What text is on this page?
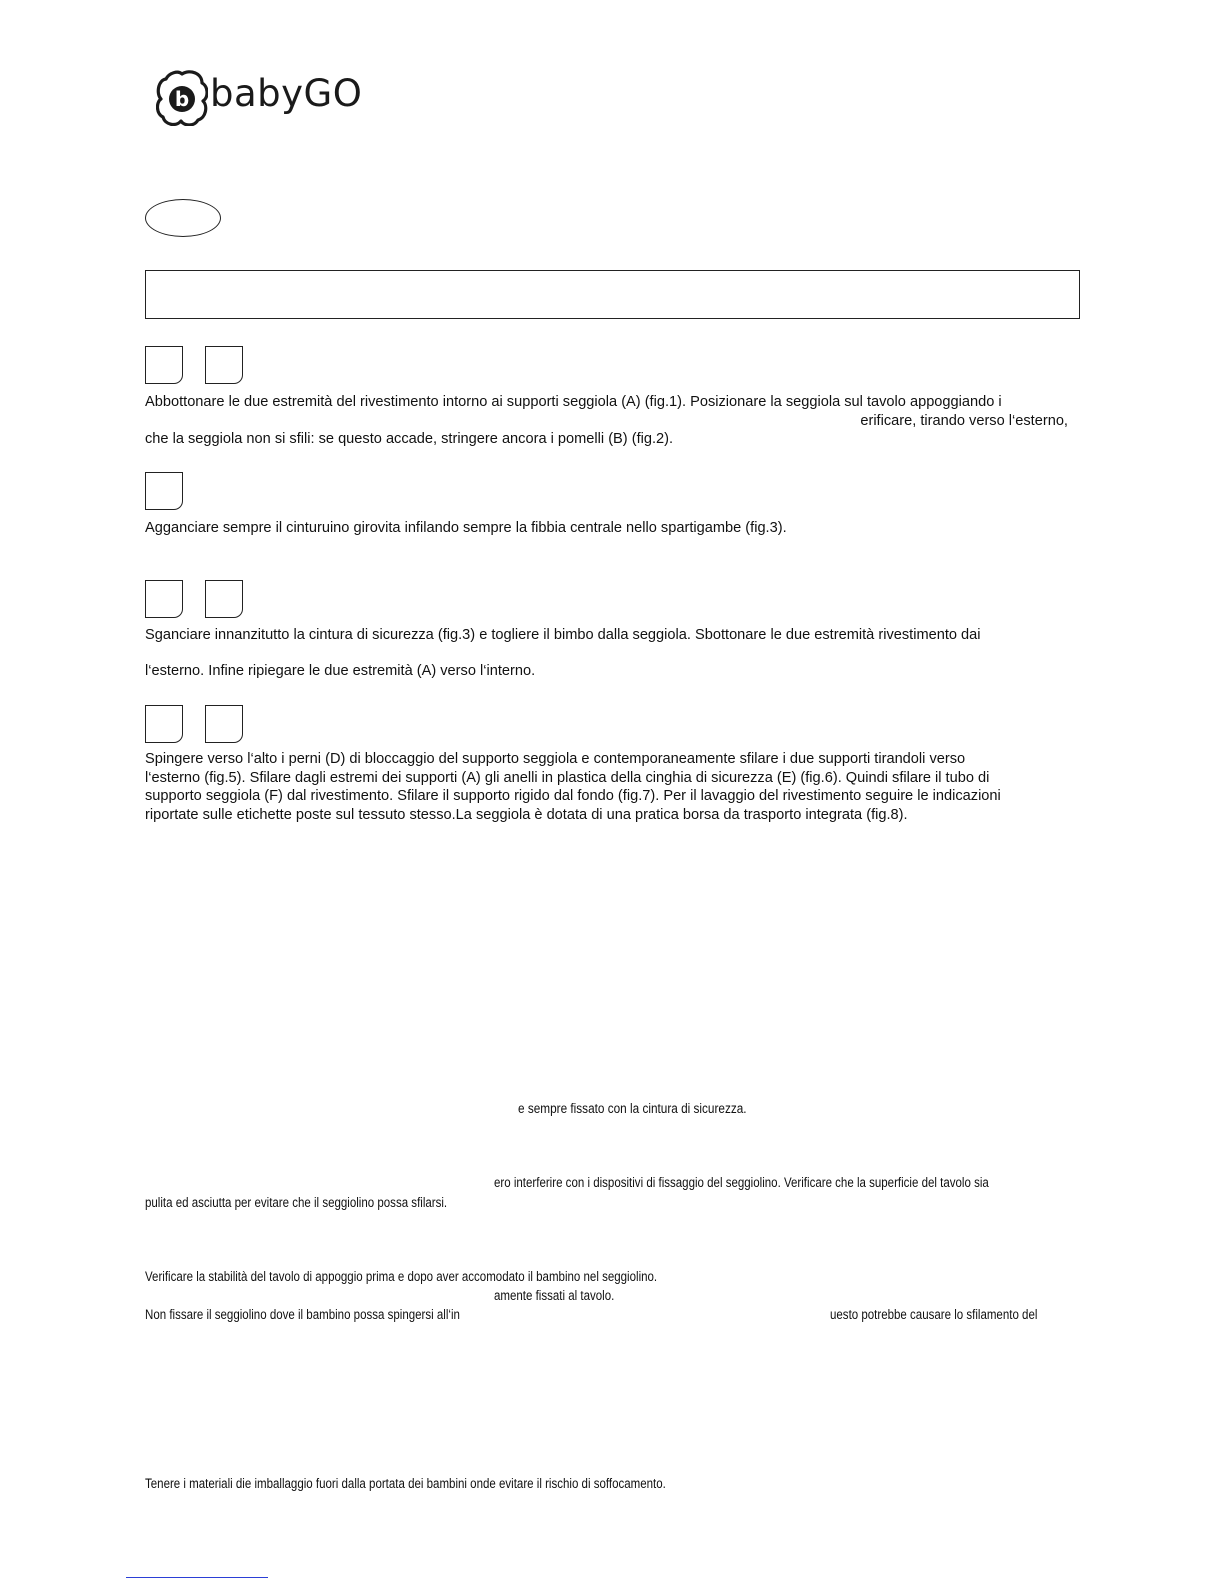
b babyGO
Abbottonare le due estremità del rivestimento intorno ai supporti seggiola (A) (fig.1). Posizionare la seggiola sul tavolo appoggiando i
erificare, tirando verso l‘esterno,
che la seggiola non si sfili: se questo accade, stringere ancora i pomelli (B) (fig.2).
Agganciare sempre il cinturuino girovita infilando sempre la fibbia centrale nello spartigambe (fig.3).
Sganciare innanzitutto la cintura di sicurezza (fig.3) e togliere il bimbo dalla seggiola. Sbottonare le due estremità rivestimento dai
l‘esterno. Infine ripiegare le due estremità (A) verso l‘interno.
Spingere verso l‘alto i perni (D) di bloccaggio del supporto seggiola e contemporaneamente sfilare i due supporti tirandoli verso
l‘esterno (fig.5). Sfilare dagli estremi dei supporti (A) gli anelli in plastica della cinghia di sicurezza (E) (fig.6). Quindi sfilare il tubo di
supporto seggiola (F) dal rivestimento. Sfilare il supporto rigido dal fondo (fig.7). Per il lavaggio del rivestimento seguire le indicazioni
riportate sulle etichette poste sul tessuto stesso.La seggiola è dotata di una pratica borsa da trasporto integrata (fig.8).
e sempre fissato con la cintura di sicurezza.
ero interferire con i dispositivi di fissaggio del seggiolino. Verificare che la superficie del tavolo sia
pulita ed asciutta per evitare che il seggiolino possa sfilarsi.
Verificare la stabilità del tavolo di appoggio prima e dopo aver accomodato il bambino nel seggiolino.
amente fissati al tavolo.
Non fissare il seggiolino dove il bambino possa spingersi all‘in	uesto potrebbe causare lo sfilamento del
Tenere i materiali die imballaggio fuori dalla portata dei bambini onde evitare il rischio di soffocamento.
